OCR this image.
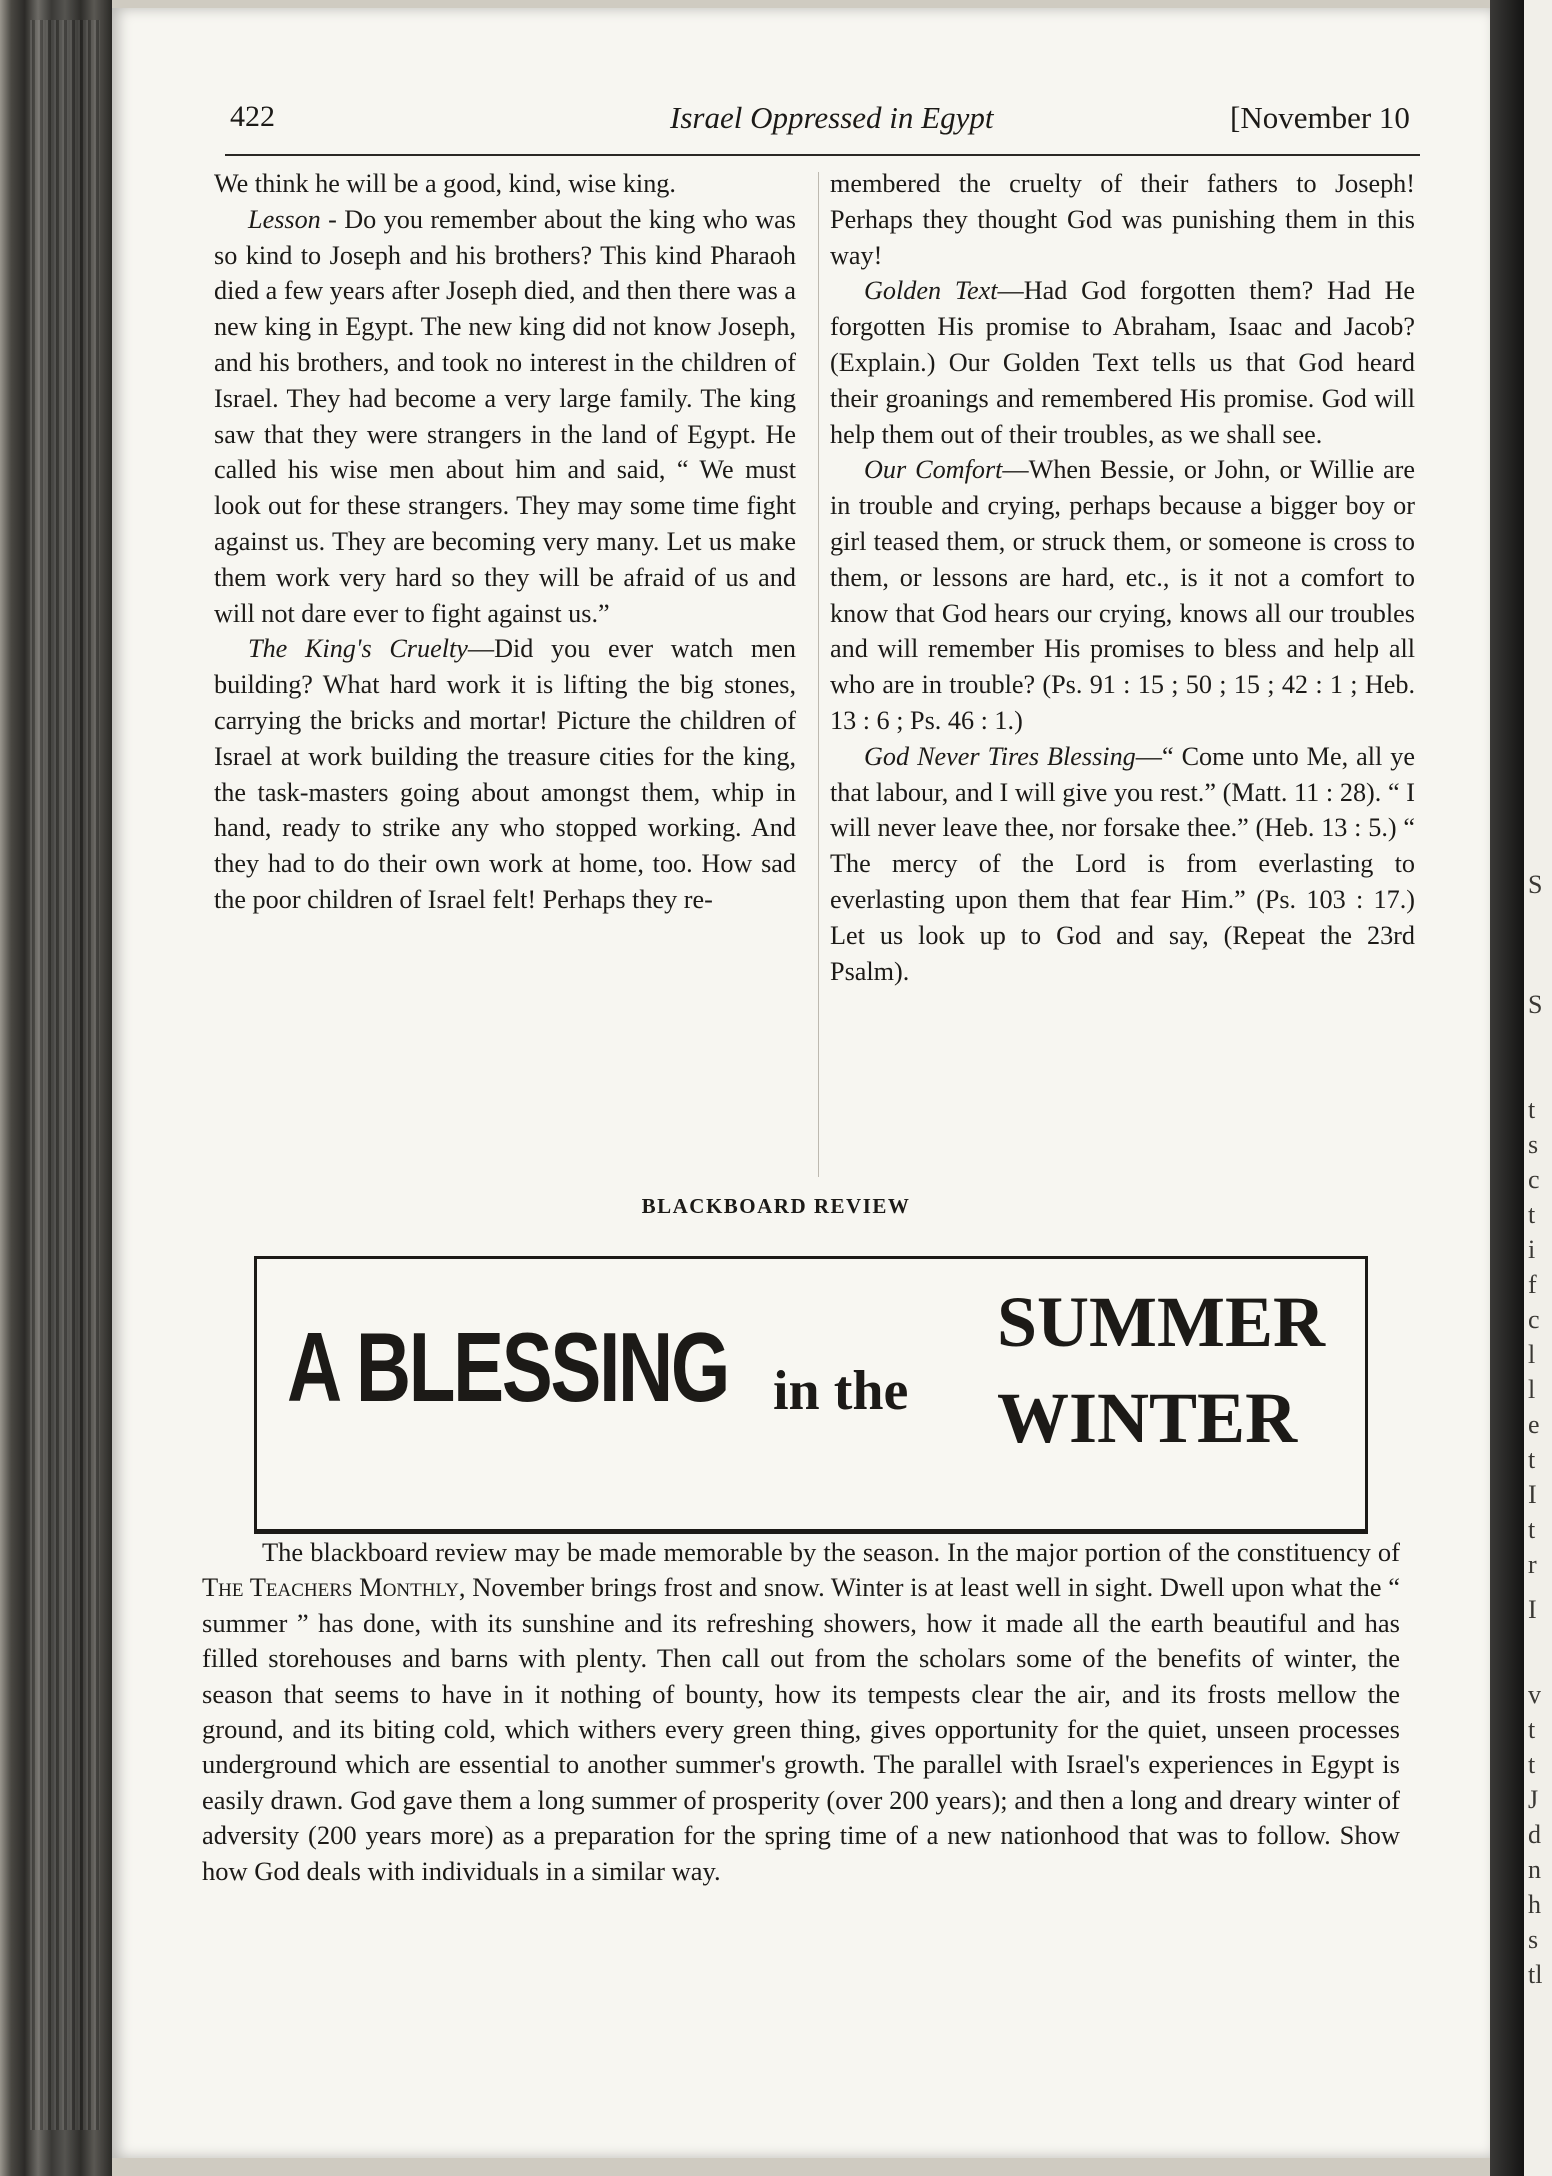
S
S
t
s
c
t
i
f
c
l
l
e
t
I
t
r
I
v
t
t
J
d
n
h
s
tl
422	Israel Oppressed in Egypt	[November 10

We think he will be a good, kind, wise king.

Lesson - Do you remember about the king who was so kind to Joseph and his brothers? This kind Pharaoh died a few years after Joseph died, and then there was a new king in Egypt. The new king did not know Joseph, and his brothers, and took no interest in the children of Israel. They had become a very large family. The king saw that they were strangers in the land of Egypt. He called his wise men about him and said, “ We must look out for these strangers. They may some time fight against us. They are becoming very many. Let us make them work very hard so they will be afraid of us and will not dare ever to fight against us.”

The King's Cruelty—Did you ever watch men building? What hard work it is lifting the big stones, carrying the bricks and mortar! Picture the children of Israel at work building the treasure cities for the king, the task-masters going about amongst them, whip in hand, ready to strike any who stopped working. And they had to do their own work at home, too. How sad the poor children of Israel felt! Perhaps they re-

membered the cruelty of their fathers to Joseph! Perhaps they thought God was punishing them in this way!

Golden Text—Had God forgotten them? Had He forgotten His promise to Abraham, Isaac and Jacob? (Explain.) Our Golden Text tells us that God heard their groanings and remembered His promise. God will help them out of their troubles, as we shall see.

Our Comfort—When Bessie, or John, or Willie are in trouble and crying, perhaps because a bigger boy or girl teased them, or struck them, or someone is cross to them, or lessons are hard, etc., is it not a comfort to know that God hears our crying, knows all our troubles and will remember His promises to bless and help all who are in trouble? (Ps. 91 : 15 ; 50 ; 15 ; 42 : 1 ; Heb. 13 : 6 ; Ps. 46 : 1.)

God Never Tires Blessing—“ Come unto Me, all ye that labour, and I will give you rest.” (Matt. 11 : 28). “ I will never leave thee, nor forsake thee.” (Heb. 13 : 5.) “ The mercy of the Lord is from everlasting to everlasting upon them that fear Him.” (Ps. 103 : 17.) Let us look up to God and say, (Repeat the 23rd Psalm).

BLACKBOARD REVIEW
A BLESSING in the
SUMMER
WINTER

The blackboard review may be made memorable by the season. In the major portion of the constituency of The Teachers Monthly, November brings frost and snow. Winter is at least well in sight. Dwell upon what the “ summer ” has done, with its sunshine and its refreshing showers, how it made all the earth beautiful and has filled storehouses and barns with plenty. Then call out from the scholars some of the benefits of winter, the season that seems to have in it nothing of bounty, how its tempests clear the air, and its frosts mellow the ground, and its biting cold, which withers every green thing, gives opportunity for the quiet, unseen processes underground which are essential to another summer's growth. The parallel with Israel's experiences in Egypt is easily drawn. God gave them a long summer of prosperity (over 200 years); and then a long and dreary winter of adversity (200 years more) as a preparation for the spring time of a new nationhood that was to follow. Show how God deals with individuals in a similar way.
